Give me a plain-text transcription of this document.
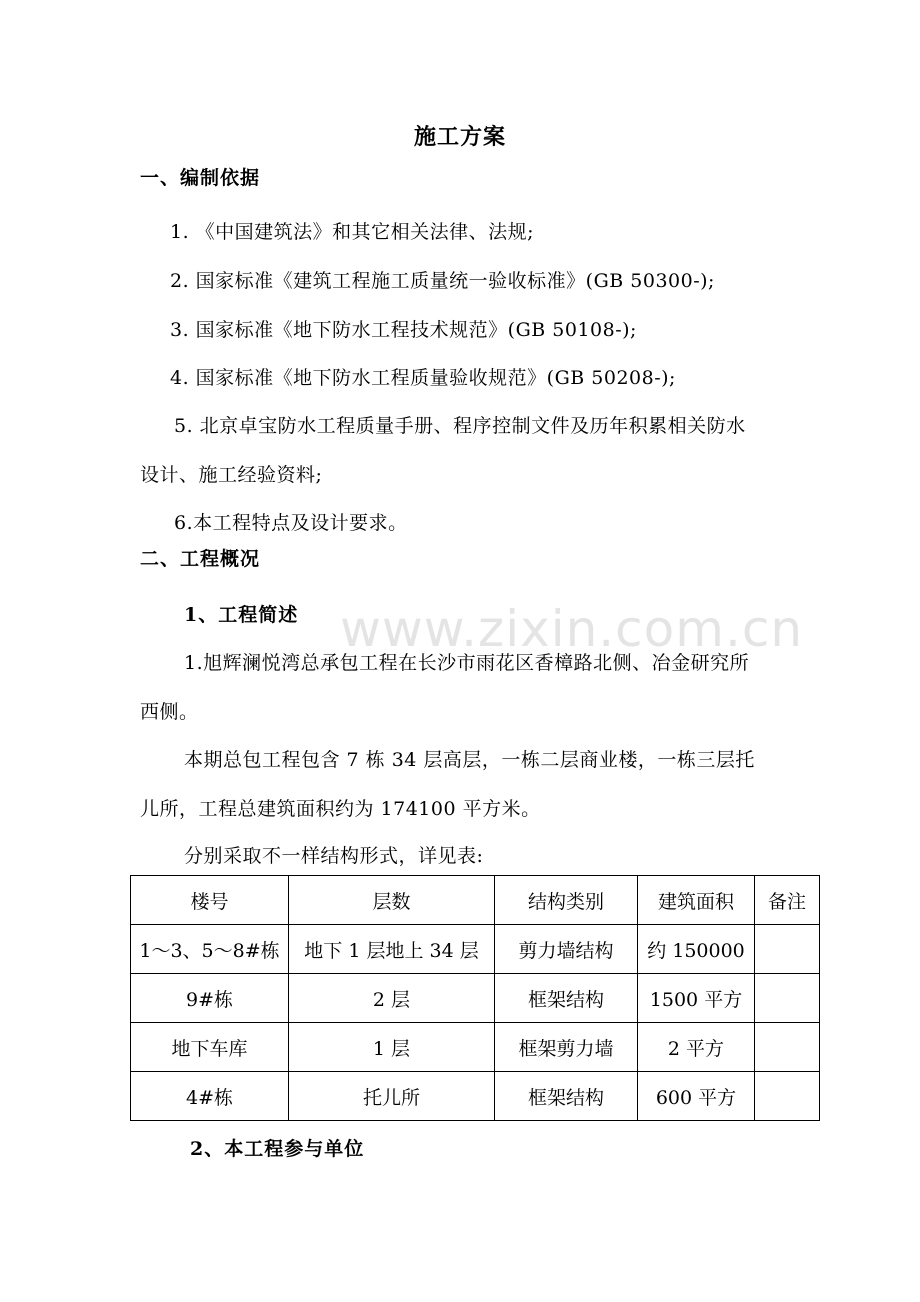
施工方案
一、编制依据
1. 《中国建筑法》和其它相关法律、法规;
2. 国家标准《建筑工程施工质量统一验收标准》(GB 50300-);
3. 国家标准《地下防水工程技术规范》(GB 50108-);
4. 国家标准《地下防水工程质量验收规范》(GB 50208-);
5. 北京卓宝防水工程质量手册、程序控制文件及历年积累相关防水
设计、施工经验资料;
6.本工程特点及设计要求。
二、工程概况
1、工程简述 www.zixin.com.cn
1.旭辉澜悦湾总承包工程在长沙市雨花区香樟路北侧、冶金研究所
西侧。
本期总包工程包含 7 栋 34 层高层，一栋二层商业楼，一栋三层托
儿所，工程总建筑面积约为 174100 平方米。
分别采取不一样结构形式，详见表:
楼号	层数	结构类别	建筑面积	备注
1～3、5～8#栋	地下 1 层地上 34 层	剪力墙结构	约 150000	
9#栋	2 层	框架结构	1500 平方	
地下车库	1 层	框架剪力墙	2 平方	
4#栋	托儿所	框架结构	600 平方	
2、本工程参与单位
